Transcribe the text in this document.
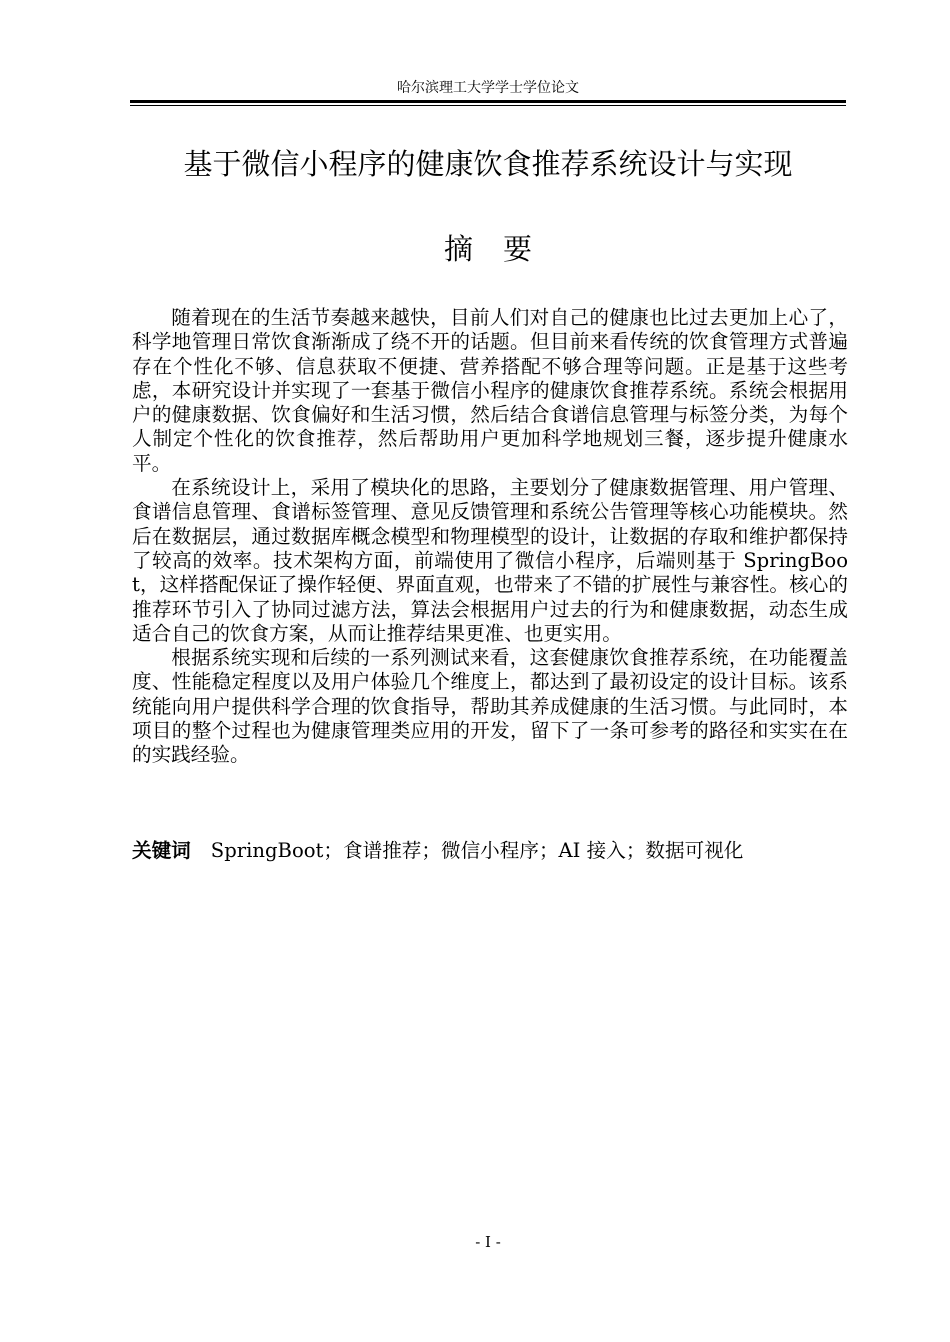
哈尔滨理工大学学士学位论文
基于微信小程序的健康饮食推荐系统设计与实现
摘 要

随着现在的生活节奏越来越快，目前人们对自己的健康也比过去更加上心了，科学地管理日常饮食渐渐成了绕不开的话题。但目前来看传统的饮食管理方式普遍存在个性化不够、信息获取不便捷、营养搭配不够合理等问题。正是基于这些考虑，本研究设计并实现了一套基于微信小程序的健康饮食推荐系统。系统会根据用户的健康数据、饮食偏好和生活习惯，然后结合食谱信息管理与标签分类，为每个人制定个性化的饮食推荐，然后帮助用户更加科学地规划三餐，逐步提升健康水平。

在系统设计上，采用了模块化的思路，主要划分了健康数据管理、用户管理、食谱信息管理、食谱标签管理、意见反馈管理和系统公告管理等核心功能模块。然后在数据层，通过数据库概念模型和物理模型的设计，让数据的存取和维护都保持了较高的效率。技术架构方面，前端使用了微信小程序，后端则基于 SpringBoot，这样搭配保证了操作轻便、界面直观，也带来了不错的扩展性与兼容性。核心的推荐环节引入了协同过滤方法，算法会根据用户过去的行为和健康数据，动态生成适合自己的饮食方案，从而让推荐结果更准、也更实用。

根据系统实现和后续的一系列测试来看，这套健康饮食推荐系统，在功能覆盖度、性能稳定程度以及用户体验几个维度上，都达到了最初设定的设计目标。该系统能向用户提供科学合理的饮食指导，帮助其养成健康的生活习惯。与此同时，本项目的整个过程也为健康管理类应用的开发，留下了一条可参考的路径和实实在在的实践经验。

关键词 SpringBoot；食谱推荐；微信小程序；AI 接入；数据可视化
- I -
